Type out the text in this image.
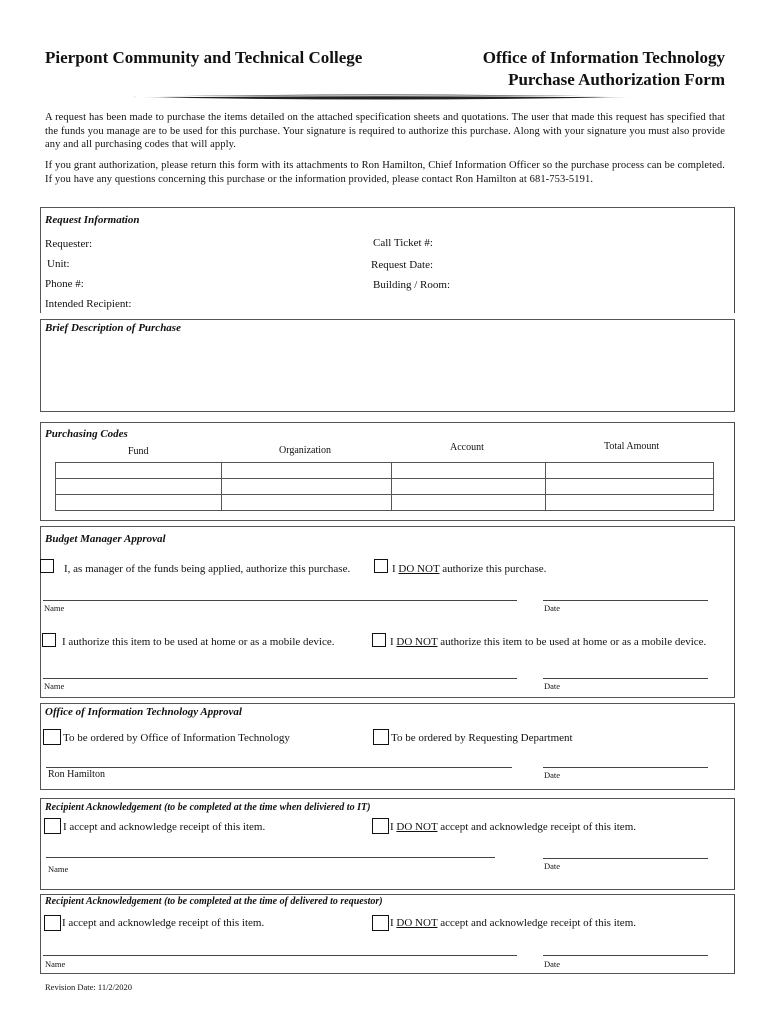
Pierpont Community and Technical College	Office of Information Technology
Purchase Authorization Form
A request has been made to purchase the items detailed on the attached specification sheets and quotations. The user that made this request has specified that the funds you manage are to be used for this purchase. Your signature is required to authorize this purchase. Along with your signature you must also provide any and all purchasing codes that will apply.
If you grant authorization, please return this form with its attachments to Ron Hamilton, Chief Information Officer so the purchase process can be completed. If you have any questions concerning this purchase or the information provided, please contact Ron Hamilton at 681-753-5191.
Request Information
Requester:
Unit:
Phone #:
Intended Recipient:
Call Ticket #:
Request Date:
Building / Room:
Brief Description of Purchase
Purchasing Codes
Fund	Organization	Account	Total Amount

Budget Manager Approval
I, as manager of the funds being applied, authorize this purchase.	I DO NOT authorize this purchase.
Name	Date
I authorize this item to be used at home or as a mobile device.	I DO NOT authorize this item to be used at home or as a mobile device.
Name	Date
Office of Information Technology Approval
To be ordered by Office of Information Technology	To be ordered by Requesting Department
Ron Hamilton	Date
Recipient Acknowledgement (to be completed at the time when deliviered to IT)
I accept and acknowledge receipt of this item.	I DO NOT accept and acknowledge receipt of this item.
Name	Date
Recipient Acknowledgement (to be completed at the time of delivered to requestor)
I accept and acknowledge receipt of this item.	I DO NOT accept and acknowledge receipt of this item.
Name	Date
Revision Date: 11/2/2020
